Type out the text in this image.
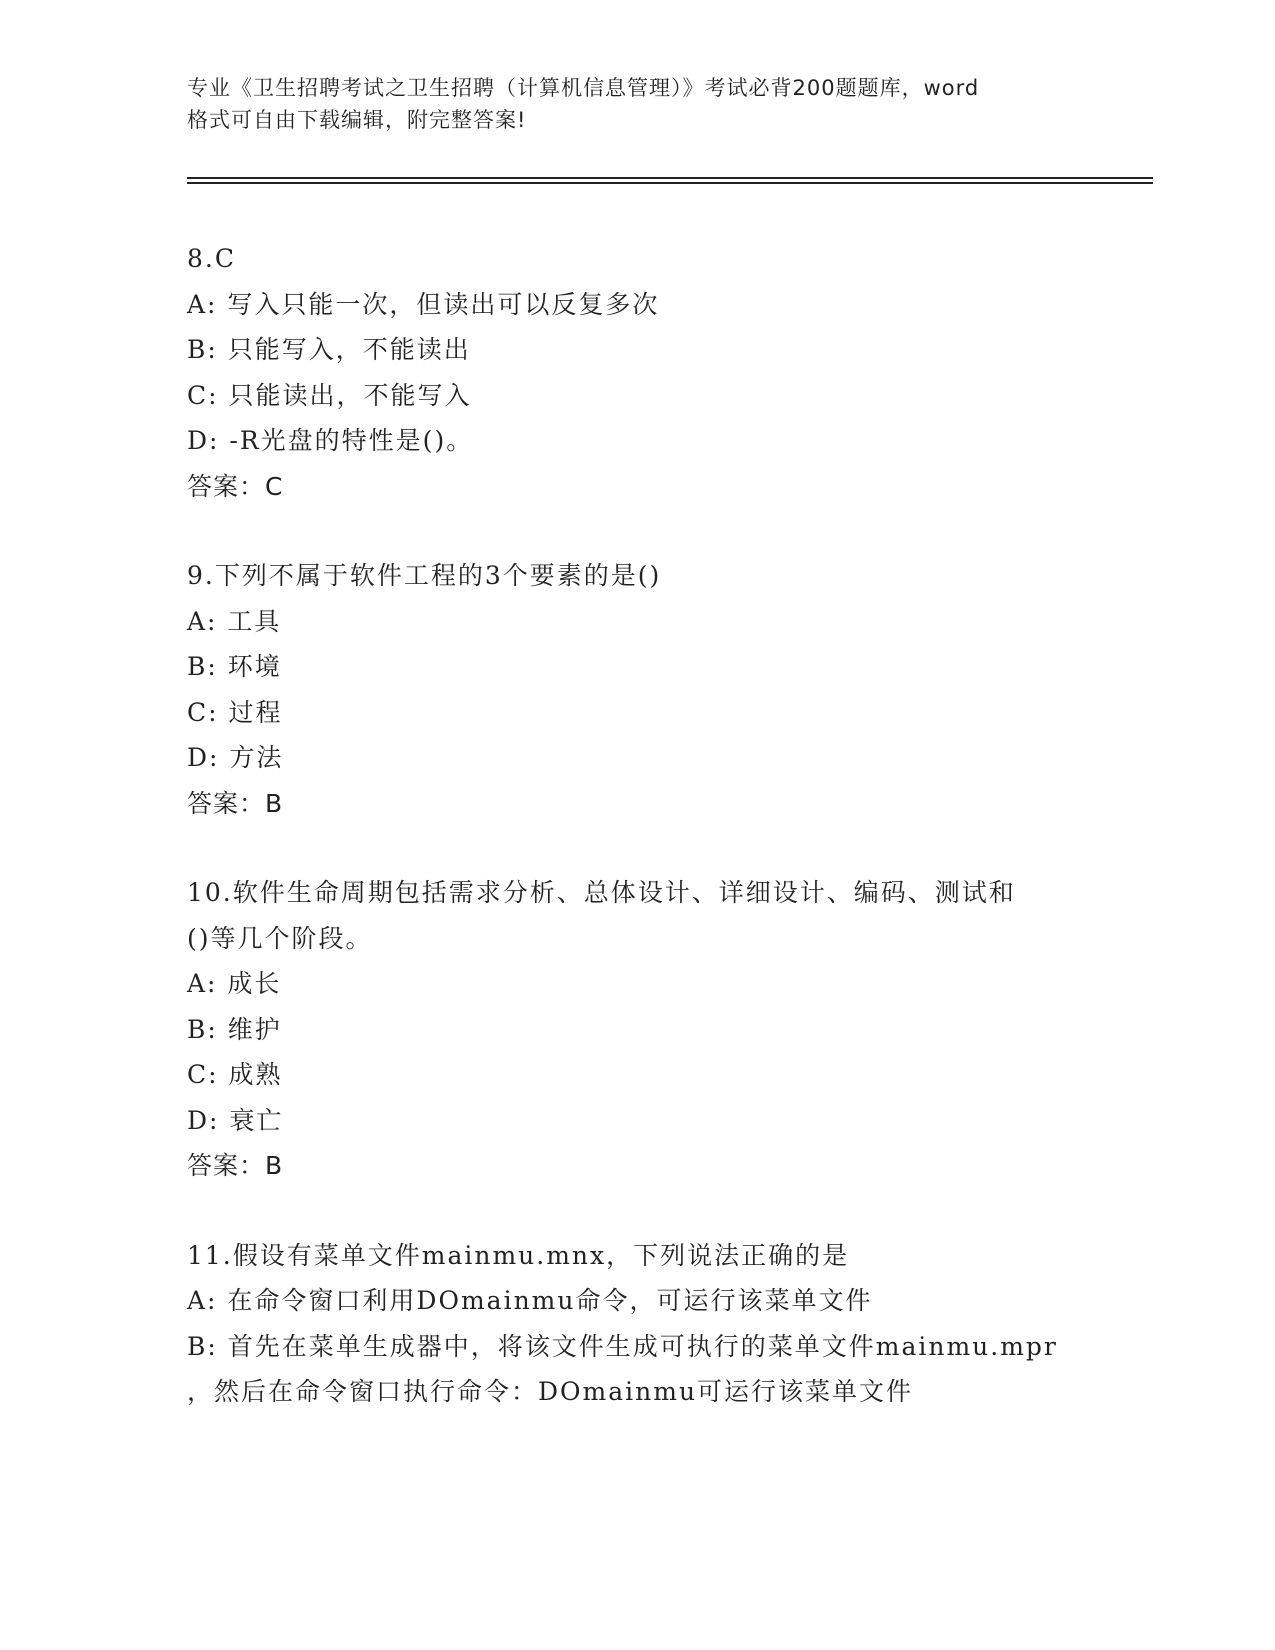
专业《卫生招聘考试之卫生招聘（计算机信息管理）》考试必背200题题库，word
格式可自由下载编辑，附完整答案!
8.C
A: 写入只能一次，但读出可以反复多次
B: 只能写入，不能读出
C: 只能读出，不能写入
D: -R光盘的特性是()。
答案：C
9.下列不属于软件工程的3个要素的是()
A: 工具
B: 环境
C: 过程
D: 方法
答案：B
10.软件生命周期包括需求分析、总体设计、详细设计、编码、测试和
()等几个阶段。
A: 成长
B: 维护
C: 成熟
D: 衰亡
答案：B
11.假设有菜单文件mainmu.mnx，下列说法正确的是
A: 在命令窗口利用DOmainmu命令，可运行该菜单文件
B: 首先在菜单生成器中，将该文件生成可执行的菜单文件mainmu.mpr
，然后在命令窗口执行命令：DOmainmu可运行该菜单文件
